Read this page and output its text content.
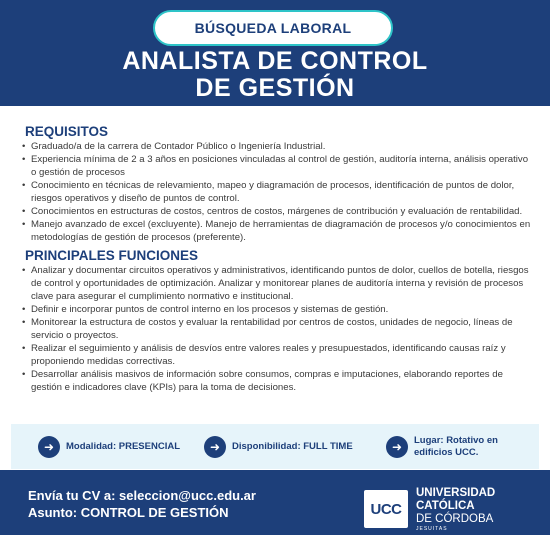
BÚSQUEDA LABORAL
ANALISTA DE CONTROL
DE GESTIÓN
REQUISITOS
• Graduado/a de la carrera de Contador Público o Ingeniería Industrial.
• Experiencia mínima de 2 a 3 años en posiciones vinculadas al control de gestión, auditoría interna, análisis operativo o gestión de procesos
• Conocimiento en técnicas de relevamiento, mapeo y diagramación de procesos, identificación de puntos de dolor, riesgos operativos y diseño de puntos de control.
• Conocimientos en estructuras de costos, centros de costos, márgenes de contribución y evaluación de rentabilidad.
• Manejo avanzado de excel (excluyente). Manejo de herramientas de diagramación de procesos y/o conocimientos en metodologías de gestión de procesos (preferente).
PRINCIPALES FUNCIONES
• Analizar y documentar circuitos operativos y administrativos, identificando puntos de dolor, cuellos de botella, riesgos de control y oportunidades de optimización. Analizar y monitorear planes de auditoría interna y revisión de procesos clave para asegurar el cumplimiento normativo e institucional.
• Definir e incorporar puntos de control interno en los procesos y sistemas de gestión.
• Monitorear la estructura de costos y evaluar la rentabilidad por centros de costos, unidades de negocio, líneas de servicio o proyectos.
• Realizar el seguimiento y análisis de desvíos entre valores reales y presupuestados, identificando causas raíz y proponiendo medidas correctivas.
• Desarrollar análisis masivos de información sobre consumos, compras e imputaciones, elaborando reportes de gestión e indicadores clave (KPIs) para la toma de decisiones.
➜	Modalidad: PRESENCIAL	➜	Disponibilidad: FULL TIME	➜	Lugar: Rotativo en
edificios UCC.
Envía tu CV a: seleccion@ucc.edu.ar
Asunto: CONTROL DE GESTIÓN	UCC
UNIVERSIDAD
CATÓLICA
DE CÓRDOBA
JESUITAS
